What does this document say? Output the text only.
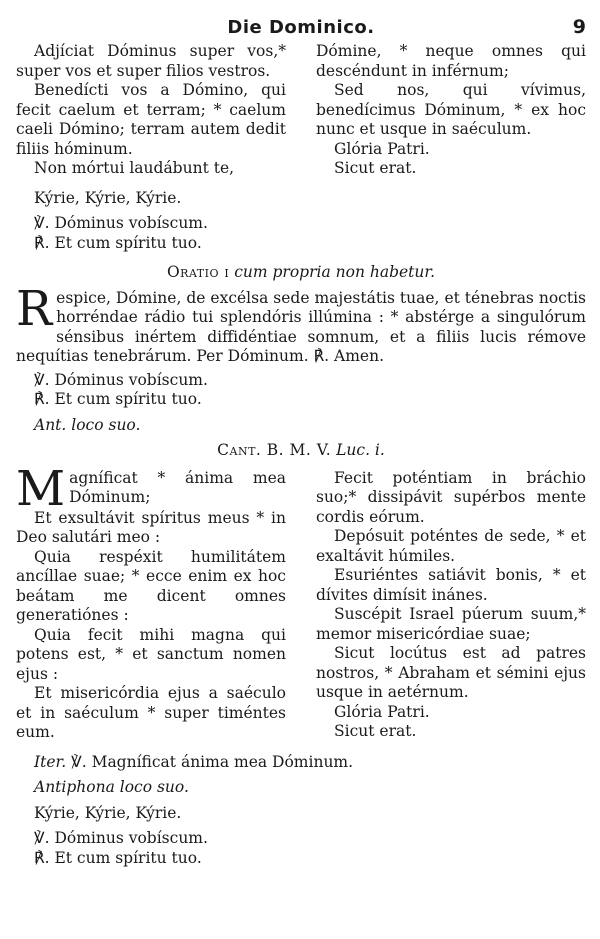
Die Dominico.	9

Adjíciat Dóminus super vos,* super vos et super filios vestros.

Benedícti vos a Dómino, qui fecit caelum et terram; * caelum caeli Dómino; terram autem dedit filiis hóminum.

Non mórtui laudábunt te,

Dómine, * neque omnes qui descéndunt in inférnum;

Sed nos, qui vívimus, benedícimus Dóminum, * ex hoc nunc et usque in saéculum.

Glória Patri.

Sicut erat.

Kýrie, Kýrie, Kýrie.

℣. Dóminus vobíscum.

℟. Et cum spíritu tuo.

Oratio i cum propria non habetur.
R espice, Dómine, de excélsa sede majestátis tuae, et ténebras noctis horréndae rádio tui splendóris illúmina : * abstérge a singulórum sénsibus inértem diffidéntiae somnum, et a filiis lucis rémove nequítias tenebrárum. Per Dóminum. ℟. Amen.

℣. Dóminus vobíscum.

℟. Et cum spíritu tuo.

Ant. loco suo.

Cant. B. M. V. Luc. i.
M agníficat * ánima mea Dóminum;

Et exsultávit spíritus meus * in Deo salutári meo :

Quia respéxit humilitátem ancíllae suae; * ecce enim ex hoc beátam me dicent omnes generatiónes :

Quia fecit mihi magna qui potens est, * et sanctum nomen ejus :

Et misericórdia ejus a saéculo et in saéculum * super timéntes eum.

Fecit poténtiam in bráchio suo;* dissipávit supérbos mente cordis eórum.

Depósuit poténtes de sede, * et exaltávit húmiles.

Esuriéntes satiávit bonis, * et dívites dimísit inánes.

Suscépit Israel púerum suum,* memor misericórdiae suae;

Sicut locútus est ad patres nostros, * Abraham et sémini ejus usque in aetérnum.

Glória Patri.

Sicut erat.

Iter. ℣. Magníficat ánima mea Dóminum.

Antiphona loco suo.

Kýrie, Kýrie, Kýrie.

℣. Dóminus vobíscum.

℟. Et cum spíritu tuo.
